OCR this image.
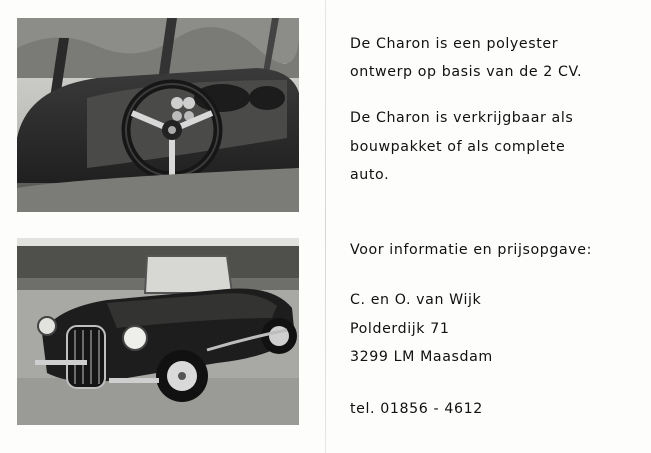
De Charon is een polyester
ontwerp op basis van de 2 CV.
De Charon is verkrijgbaar als
bouwpakket of als complete
auto.
Voor informatie en prijsopgave:
C. en O. van Wijk
Polderdijk 71
3299 LM Maasdam
tel. 01856 - 4612
